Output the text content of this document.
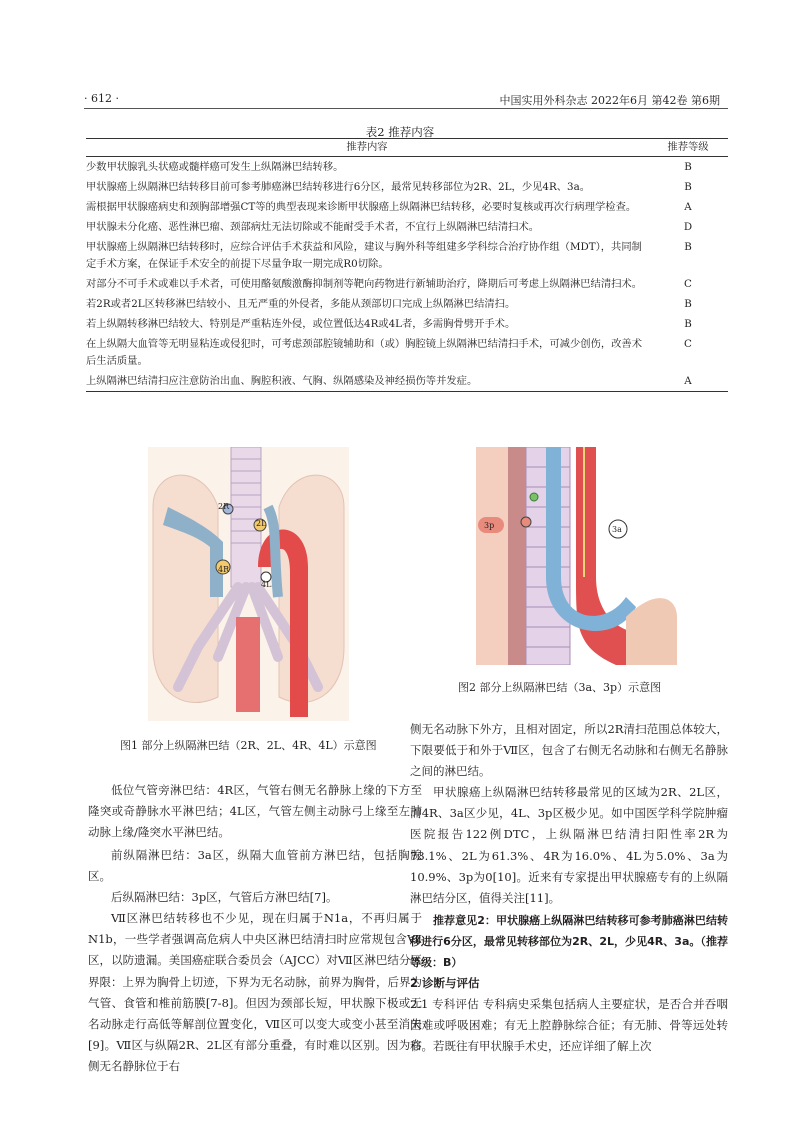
· 612 ·	中国实用外科杂志 2022年6月 第42卷 第6期
表2 推荐内容
推荐内容	推荐等级
少数甲状腺乳头状癌或髓样癌可发生上纵隔淋巴结转移。	B
甲状腺癌上纵隔淋巴结转移目前可参考肺癌淋巴结转移进行6分区，最常见转移部位为2R、2L，少见4R、3a。	B
需根据甲状腺癌病史和颈胸部增强CT等的典型表现来诊断甲状腺癌上纵隔淋巴结转移，必要时复核或再次行病理学检查。	A
甲状腺未分化癌、恶性淋巴瘤、颈部病灶无法切除或不能耐受手术者，不宜行上纵隔淋巴结清扫术。	D
甲状腺癌上纵隔淋巴结转移时，应综合评估手术获益和风险，建议与胸外科等组建多学科综合治疗协作组（MDT），共同制定手术方案，在保证手术安全的前提下尽量争取一期完成R0切除。	B
对部分不可手术或难以手术者，可使用酪氨酸激酶抑制剂等靶向药物进行新辅助治疗，降期后可考虑上纵隔淋巴结清扫术。	C
若2R或者2L区转移淋巴结较小、且无严重的外侵者，多能从颈部切口完成上纵隔淋巴结清扫。	B
若上纵隔转移淋巴结较大、特别是严重粘连外侵，或位置低达4R或4L者，多需胸骨劈开手术。	B
在上纵隔大血管等无明显粘连或侵犯时，可考虑颈部腔镜辅助和（或）胸腔镜上纵隔淋巴结清扫手术，可减少创伤，改善术后生活质量。	C
上纵隔淋巴结清扫应注意防治出血、胸腔积液、气胸、纵隔感染及神经损伤等并发症。	A
2R
2L
4R
4L
图1 部分上纵隔淋巴结（2R、2L、4R、4L）示意图
3p	3a
图2 部分上纵隔淋巴结（3a、3p）示意图
低位气管旁淋巴结：4R区，气管右侧无名静脉上缘的下方至隆突或奇静脉水平淋巴结；4L区，气管左侧主动脉弓上缘至左肺动脉上缘/隆突水平淋巴结。
前纵隔淋巴结：3a区，纵隔大血管前方淋巴结，包括胸腺区。
后纵隔淋巴结：3p区，气管后方淋巴结[7]。
Ⅶ区淋巴结转移也不少见，现在归属于N1a，不再归属于N1b，一些学者强调高危病人中央区淋巴结清扫时应常规包含Ⅶ区，以防遗漏。美国癌症联合委员会（AJCC）对Ⅶ区淋巴结分区界限：上界为胸骨上切迹，下界为无名动脉，前界为胸骨，后界为气管、食管和椎前筋膜[7-8]。但因为颈部长短，甲状腺下极或无名动脉走行高低等解剖位置变化，Ⅶ区可以变大或变小甚至消失[9]。Ⅶ区与纵隔2R、2L区有部分重叠，有时难以区别。因为右侧无名静脉位于右
侧无名动脉下外方，且相对固定，所以2R清扫范围总体较大，下限要低于和外于Ⅶ区，包含了右侧无名动脉和右侧无名静脉之间的淋巴结。
甲状腺癌上纵隔淋巴结转移最常见的区域为2R、2L区，而4R、3a区少见，4L、3p区极少见。如中国医学科学院肿瘤医院报告122例DTC，上纵隔淋巴结清扫阳性率2R为73.1%、2L为61.3%、4R为16.0%、4L为5.0%、3a为10.9%、3p为0[10]。近来有专家提出甲状腺癌专有的上纵隔淋巴结分区，值得关注[11]。
推荐意见2：甲状腺癌上纵隔淋巴结转移可参考肺癌淋巴结转移进行6分区，最常见转移部位为2R、2L，少见4R、3a。（推荐等级：B）
2 诊断与评估
2.1 专科评估 专科病史采集包括病人主要症状，是否合并吞咽困难或呼吸困难；有无上腔静脉综合征；有无肺、骨等远处转移。若既往有甲状腺手术史，还应详细了解上次
